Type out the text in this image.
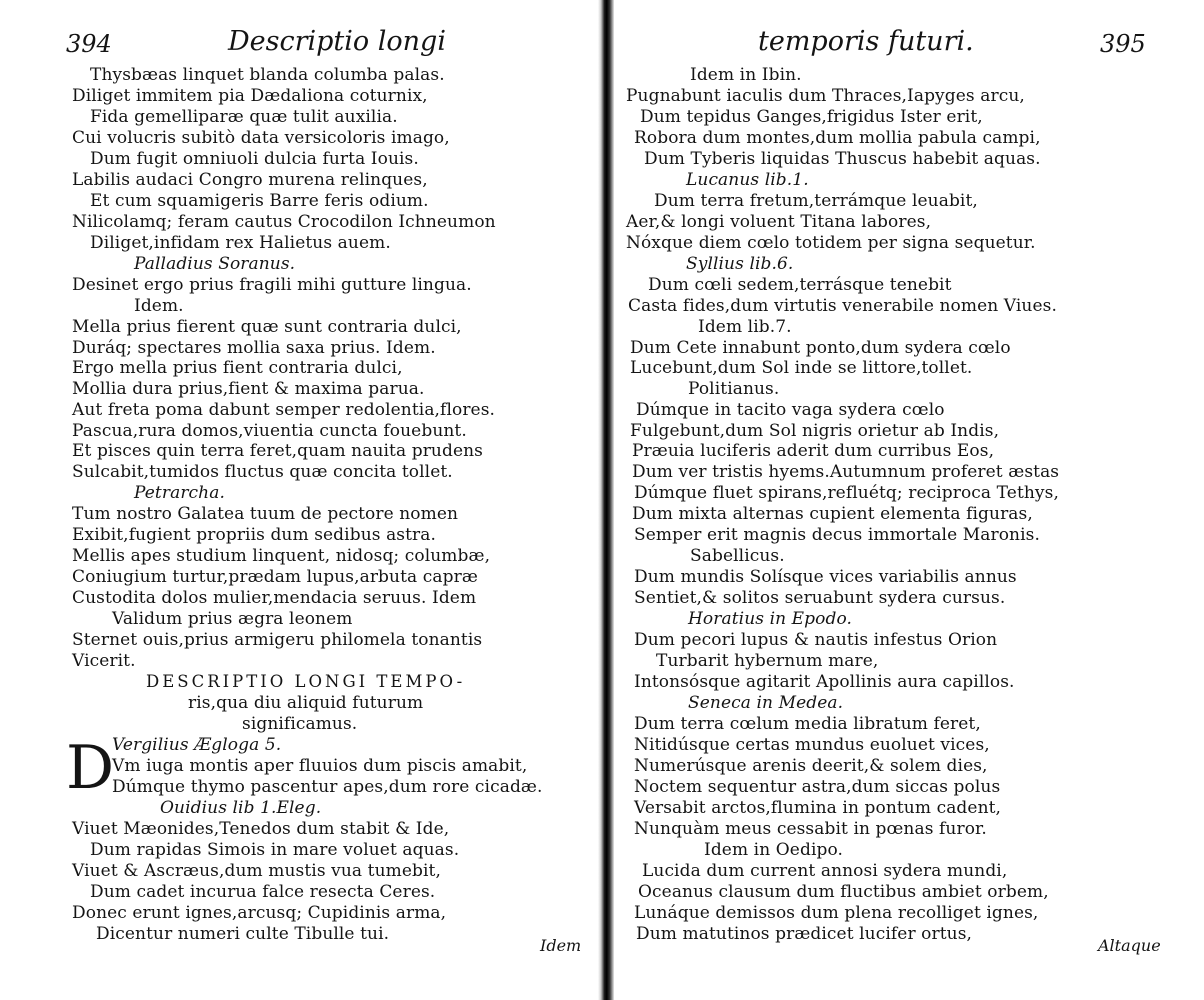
394	Descriptio longi
D
Thysbæas linquet blanda columba palas.
Diliget immitem pia Dædaliona coturnix,
Fida gemelliparæ quæ tulit auxilia.
Cui volucris subitò data versicoloris imago,
Dum fugit omniuoli dulcia furta Iouis.
Labilis audaci Congro murena relinques,
Et cum squamigeris Barre feris odium.
Nilicolamq; feram cautus Crocodilon Ichneumon
Diliget,infidam rex Halietus auem.
Palladius Soranus.
Desinet ergo prius fragili mihi gutture lingua.
Idem.
Mella prius fierent quæ sunt contraria dulci,
Duráq; spectares mollia saxa prius. Idem.
Ergo mella prius fient contraria dulci,
Mollia dura prius,fient & maxima parua.
Aut freta poma dabunt semper redolentia,flores.
Pascua,rura domos,viuentia cuncta fouebunt.
Et pisces quin terra feret,quam nauita prudens
Sulcabit,tumidos fluctus quæ concita tollet.
Petrarcha.
Tum nostro Galatea tuum de pectore nomen
Exibit,fugient propriis dum sedibus astra.
Mellis apes studium linquent, nidosq; columbæ,
Coniugium turtur,prædam lupus,arbuta capræ
Custodita dolos mulier,mendacia seruus. Idem
Validum prius ægra leonem
Sternet ouis,prius armigeru philomela tonantis
Vicerit.
DESCRIPTIO LONGI TEMPO-
ris,qua diu aliquid futurum
significamus.
Vergilius Ægloga 5.
Vm iuga montis aper fluuios dum piscis amabit,
Dúmque thymo pascentur apes,dum rore cicadæ.
Ouidius lib 1.Eleg.
Viuet Mæonides,Tenedos dum stabit & Ide,
Dum rapidas Simois in mare voluet aquas.
Viuet & Ascræus,dum mustis vua tumebit,
Dum cadet incurua falce resecta Ceres.
Donec erunt ignes,arcusq; Cupidinis arma,
Dicentur numeri culte Tibulle tui.
Idem
temporis futuri.	395
Idem in Ibin.
Pugnabunt iaculis dum Thraces,Iapyges arcu,
Dum tepidus Ganges,frigidus Ister erit,
Robora dum montes,dum mollia pabula campi,
Dum Tyberis liquidas Thuscus habebit aquas.
Lucanus lib.1.
Dum terra fretum,terrámque leuabit,
Aer,& longi voluent Titana labores,
Nóxque diem cœlo totidem per signa sequetur.
Syllius lib.6.
Dum cœli sedem,terrásque tenebit
Casta fides,dum virtutis venerabile nomen Viues.
Idem lib.7.
Dum Cete innabunt ponto,dum sydera cœlo
Lucebunt,dum Sol inde se littore,tollet.
Politianus.
Dúmque in tacito vaga sydera cœlo
Fulgebunt,dum Sol nigris orietur ab Indis,
Præuia luciferis aderit dum curribus Eos,
Dum ver tristis hyems.Autumnum proferet æstas
Dúmque fluet spirans,refluétq; reciproca Tethys,
Dum mixta alternas cupient elementa figuras,
Semper erit magnis decus immortale Maronis.
Sabellicus.
Dum mundis Solísque vices variabilis annus
Sentiet,& solitos seruabunt sydera cursus.
Horatius in Epodo.
Dum pecori lupus & nautis infestus Orion
Turbarit hybernum mare,
Intonsósque agitarit Apollinis aura capillos.
Seneca in Medea.
Dum terra cœlum media libratum feret,
Nitidúsque certas mundus euoluet vices,
Numerúsque arenis deerit,& solem dies,
Noctem sequentur astra,dum siccas polus
Versabit arctos,flumina in pontum cadent,
Nunquàm meus cessabit in pœnas furor.
Idem in Oedipo.
Lucida dum current annosi sydera mundi,
Oceanus clausum dum fluctibus ambiet orbem,
Lunáque demissos dum plena recolliget ignes,
Dum matutinos prædicet lucifer ortus,
Altaque
